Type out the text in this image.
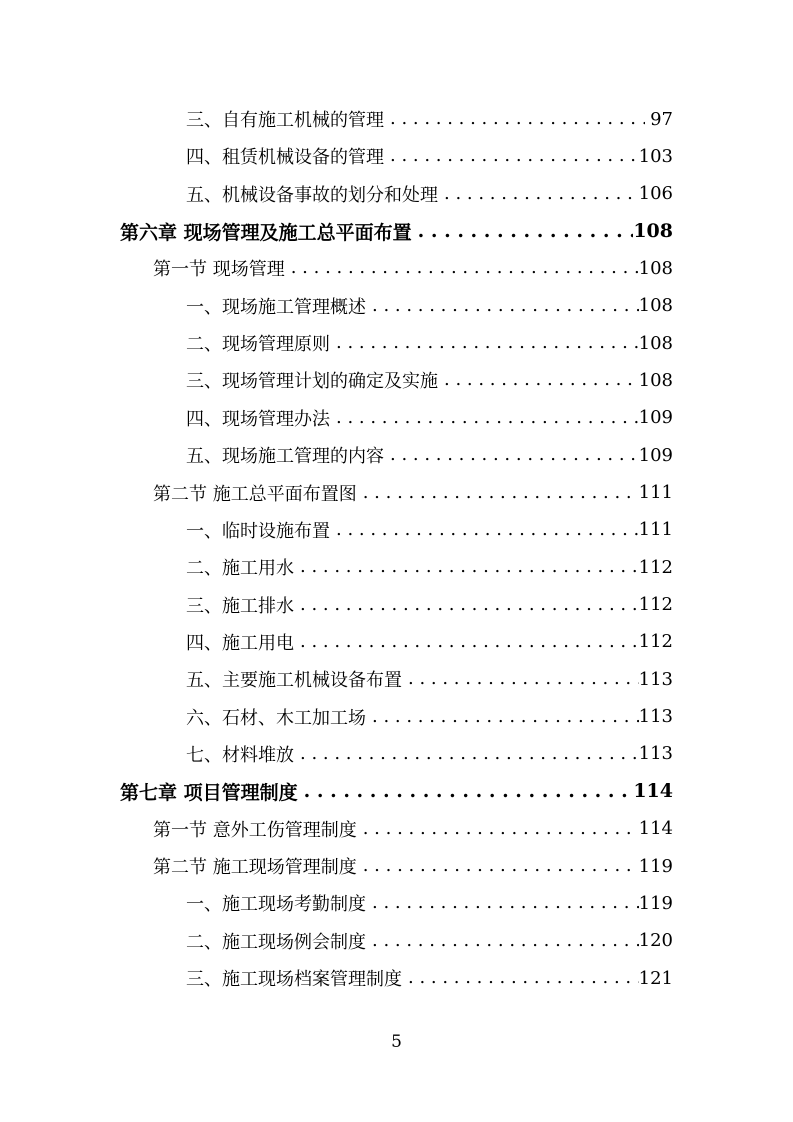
三、自有施工机械的管理 . . .	97
四、租赁机械设备的管理 . . .	103
五、机械设备事故的划分和处理 . . .	106
第六章 现场管理及施工总平面布置 . . .	108
第一节 现场管理 . . .	108
一、现场施工管理概述 . . .	108
二、现场管理原则 . . .	108
三、现场管理计划的确定及实施 . . .	108
四、现场管理办法 . . .	109
五、现场施工管理的内容 . . .	109
第二节 施工总平面布置图 . . .	111
一、临时设施布置 . . .	111
二、施工用水 . . .	112
三、施工排水 . . .	112
四、施工用电 . . .	112
五、主要施工机械设备布置 . . .	113
六、石材、木工加工场 . . .	113
七、材料堆放 . . .	113
第七章 项目管理制度 . . .	114
第一节 意外工伤管理制度 . . .	114
第二节 施工现场管理制度 . . .	119
一、施工现场考勤制度 . . .	119
二、施工现场例会制度 . . .	120
三、施工现场档案管理制度 . . .	121
5
